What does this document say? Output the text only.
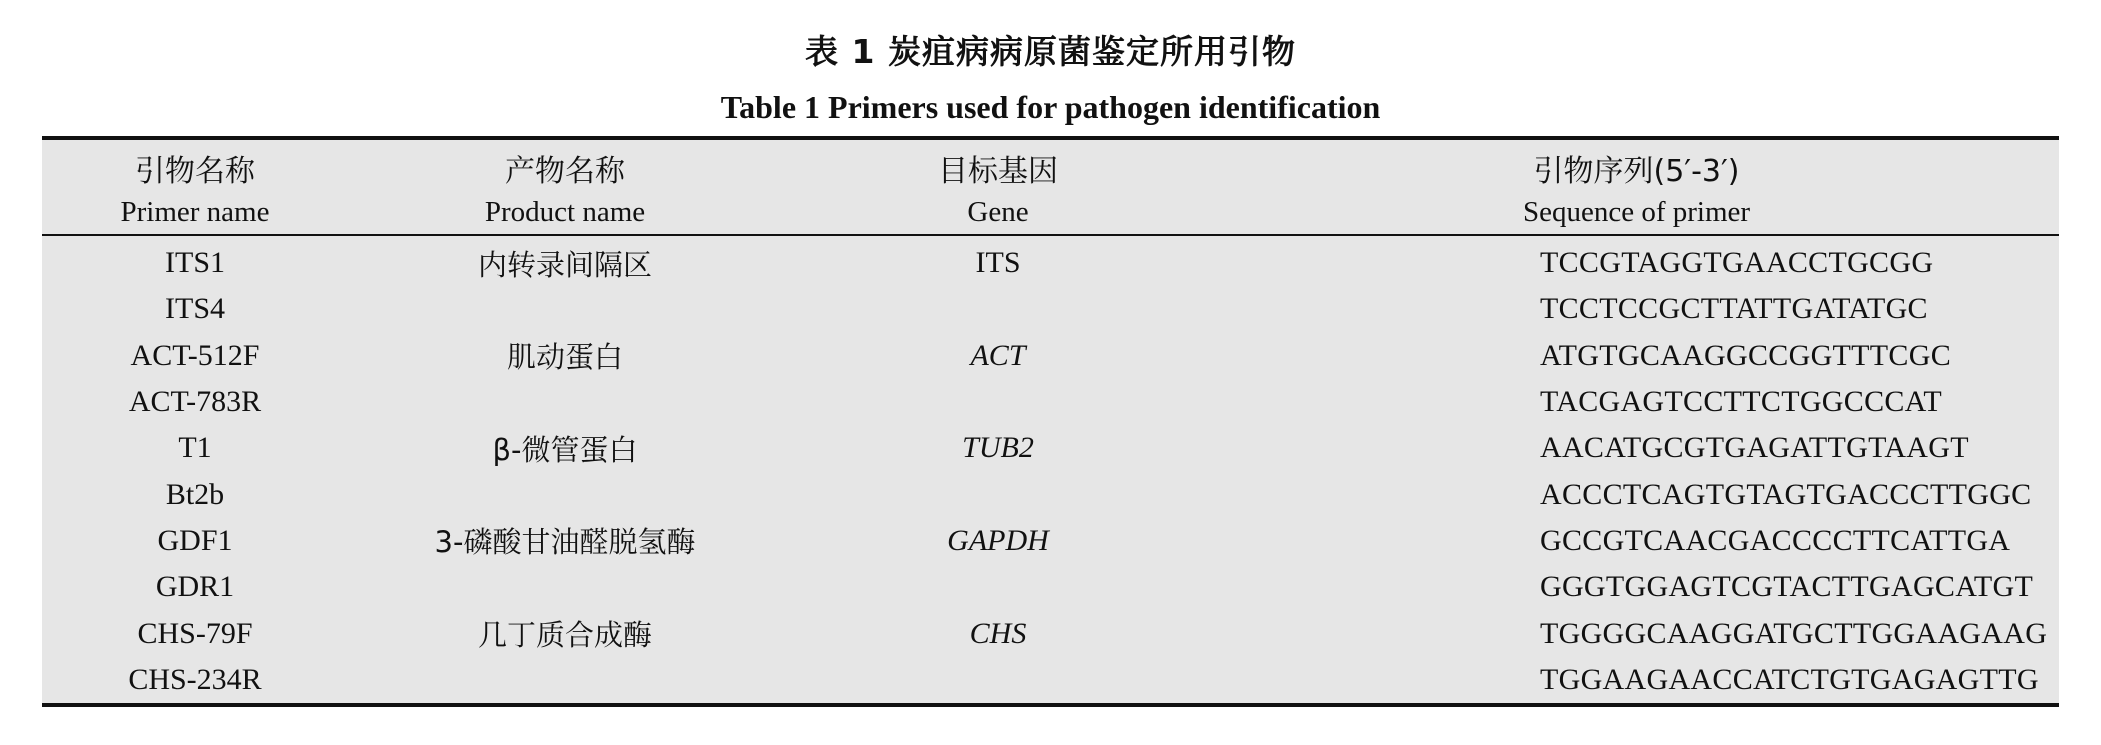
表 1 炭疽病病原菌鉴定所用引物
Table 1 Primers used for pathogen identification
引物名称	产物名称	目标基因	引物序列(5′-3′)
Primer name	Product name	Gene	Sequence of primer
ITS1	内转录间隔区	ITS	TCCGTAGGTGAACCTGCGG
ITS4			TCCTCCGCTTATTGATATGC
ACT-512F	肌动蛋白	ACT	ATGTGCAAGGCCGGTTTCGC
ACT-783R			TACGAGTCCTTCTGGCCCAT
T1	β-微管蛋白	TUB2	AACATGCGTGAGATTGTAAGT
Bt2b			ACCCTCAGTGTAGTGACCCTTGGC
GDF1	3-磷酸甘油醛脱氢酶	GAPDH	GCCGTCAACGACCCCTTCATTGA
GDR1			GGGTGGAGTCGTACTTGAGCATGT
CHS-79F	几丁质合成酶	CHS	TGGGGCAAGGATGCTTGGAAGAAG
CHS-234R			TGGAAGAACCATCTGTGAGAGTTG
